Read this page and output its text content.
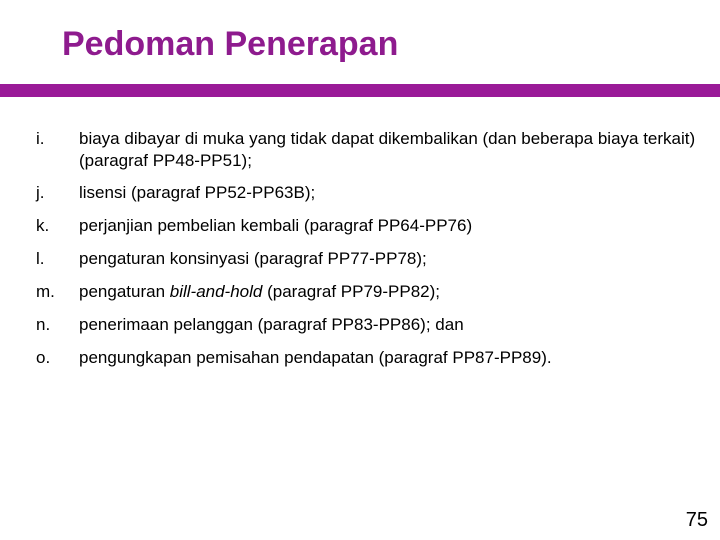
Pedoman Penerapan
i.	biaya dibayar di muka yang tidak dapat dikembalikan (dan beberapa biaya terkait) (paragraf PP48-PP51);
j.	lisensi (paragraf PP52-PP63B);
k.	perjanjian pembelian kembali (paragraf PP64-PP76)
l.	pengaturan konsinyasi (paragraf PP77-PP78);
m.	pengaturan bill-and-hold (paragraf PP79-PP82);
n.	penerimaan pelanggan (paragraf PP83-PP86); dan
o.	pengungkapan pemisahan pendapatan (paragraf PP87-PP89).

75
